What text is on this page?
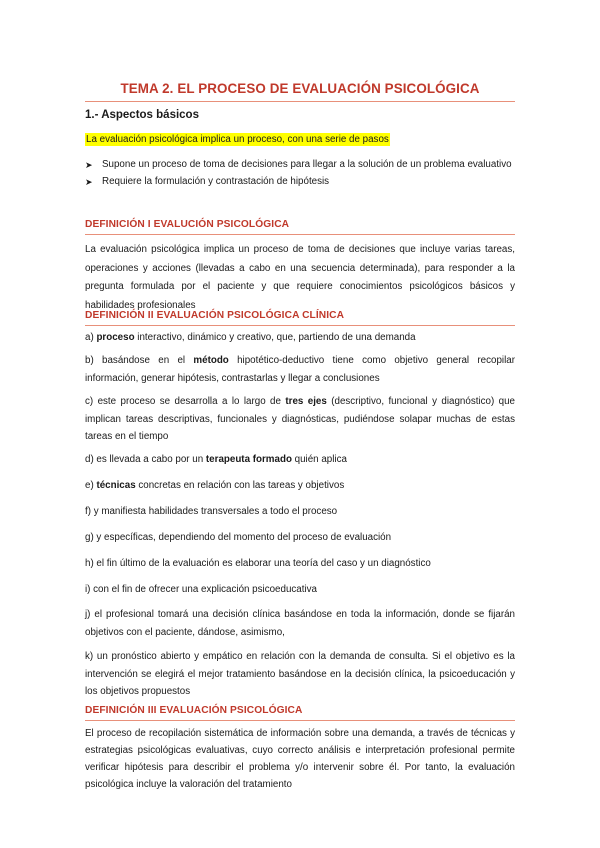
TEMA 2. EL PROCESO DE EVALUACIÓN PSICOLÓGICA
1.- Aspectos básicos
La evaluación psicológica implica un proceso, con una serie de pasos
➤ Supone un proceso de toma de decisiones para llegar a la solución de un problema evaluativo
➤ Requiere la formulación y contrastación de hipótesis
DEFINICIÓN I EVALUCIÓN PSICOLÓGICA
La evaluación psicológica implica un proceso de toma de decisiones que incluye varias tareas, operaciones y acciones (llevadas a cabo en una secuencia determinada), para responder a la pregunta formulada por el paciente y que requiere conocimientos psicológicos básicos y habilidades profesionales
DEFINICIÓN II EVALUACIÓN PSICOLÓGICA CLÍNICA
a) proceso interactivo, dinámico y creativo, que, partiendo de una demanda
b) basándose en el método hipotético-deductivo tiene como objetivo general recopilar información, generar hipótesis, contrastarlas y llegar a conclusiones
c) este proceso se desarrolla a lo largo de tres ejes (descriptivo, funcional y diagnóstico) que implican tareas descriptivas, funcionales y diagnósticas, pudiéndose solapar muchas de estas tareas en el tiempo
d) es llevada a cabo por un terapeuta formado quién aplica
e) técnicas concretas en relación con las tareas y objetivos
f) y manifiesta habilidades transversales a todo el proceso
g) y específicas, dependiendo del momento del proceso de evaluación
h) el fin último de la evaluación es elaborar una teoría del caso y un diagnóstico
i) con el fin de ofrecer una explicación psicoeducativa
j) el profesional tomará una decisión clínica basándose en toda la información, donde se fijarán objetivos con el paciente, dándose, asimismo,
k) un pronóstico abierto y empático en relación con la demanda de consulta. Si el objetivo es la intervención se elegirá el mejor tratamiento basándose en la decisión clínica, la psicoeducación y los objetivos propuestos
DEFINICIÓN III EVALUACIÓN PSICOLÓGICA
El proceso de recopilación sistemática de información sobre una demanda, a través de técnicas y estrategias psicológicas evaluativas, cuyo correcto análisis e interpretación profesional permite verificar hipótesis para describir el problema y/o intervenir sobre él. Por tanto, la evaluación psicológica incluye la valoración del tratamiento
